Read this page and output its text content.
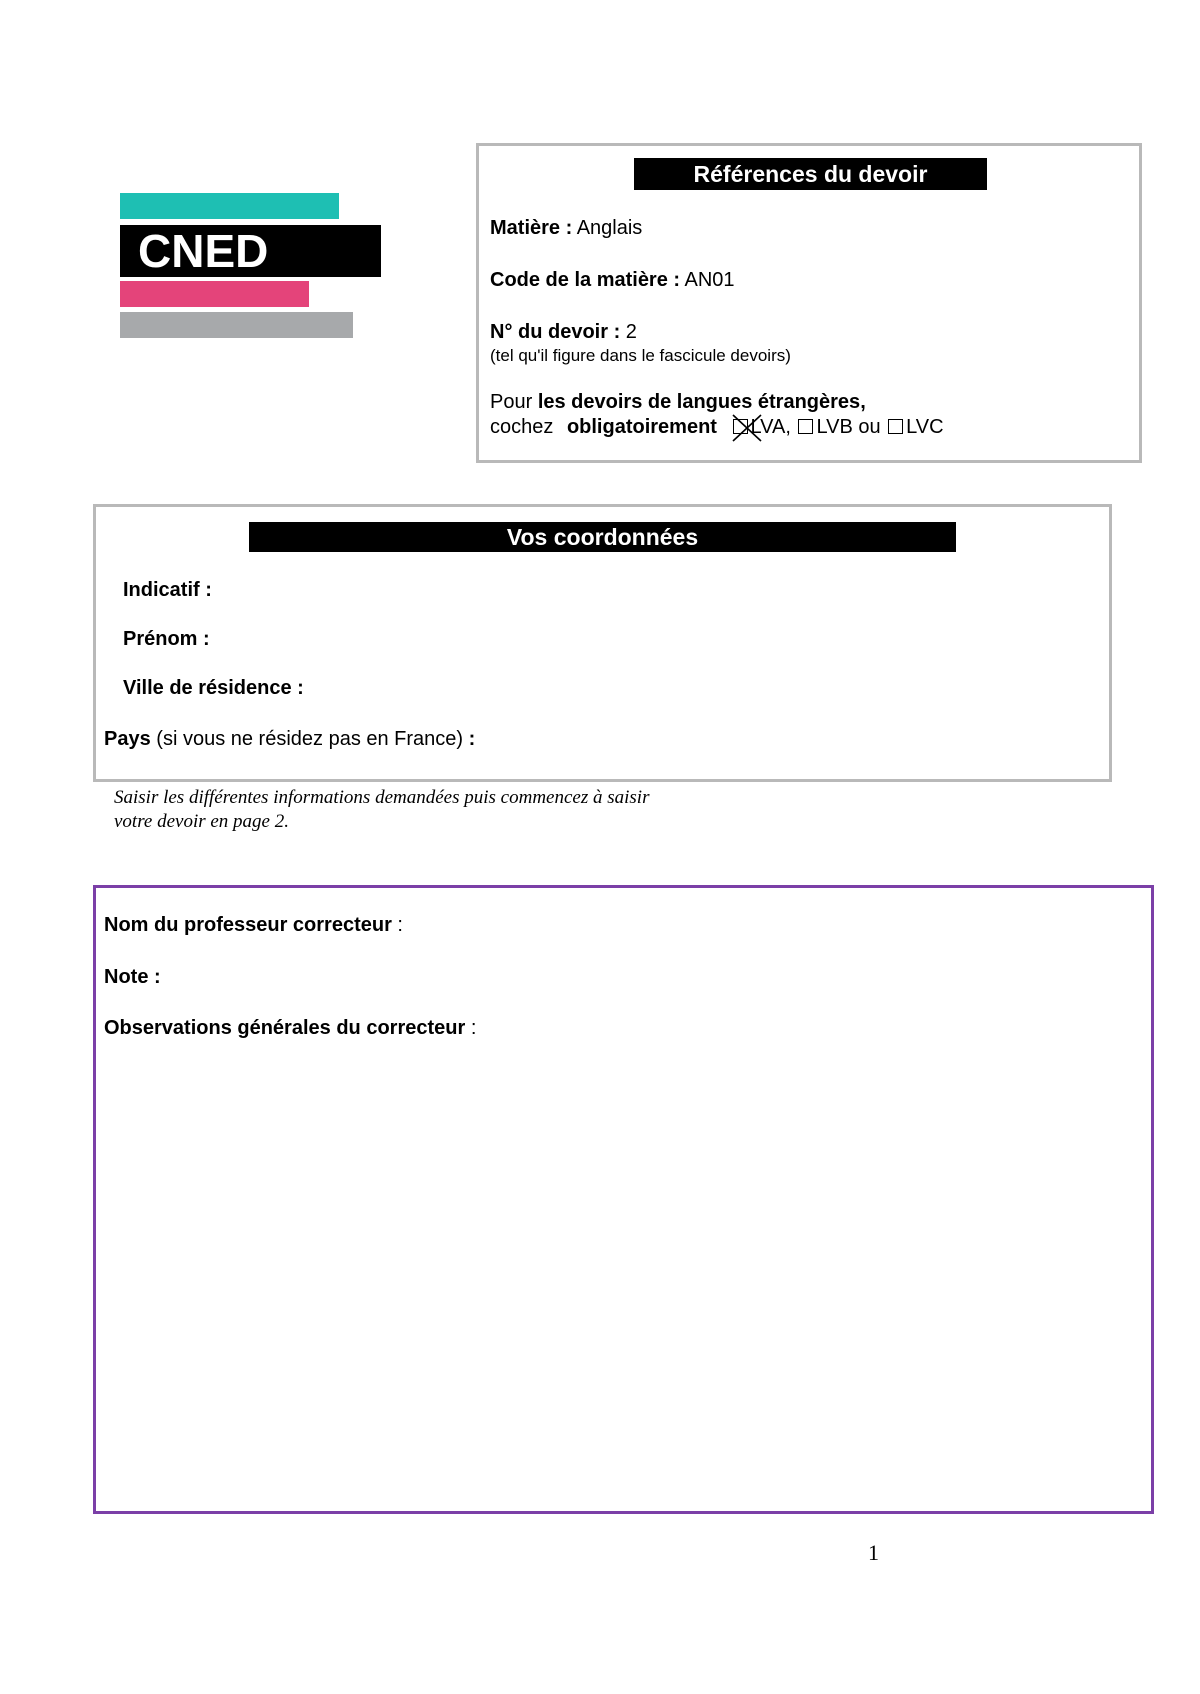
CNED
Références du devoir
Matière : Anglais
Code de la matière : AN01
N° du devoir : 2
(tel qu'il figure dans le fascicule devoirs)
Pour les devoirs de langues étrangères,
cochez obligatoirement LVA, LVB ou LVC
Vos coordonnées
Indicatif :
Prénom :
Ville de résidence :
Pays (si vous ne résidez pas en France) :
Saisir les différentes informations demandées puis commencez à saisir
votre devoir en page 2.
Nom du professeur correcteur :
Note :
Observations générales du correcteur :
1
